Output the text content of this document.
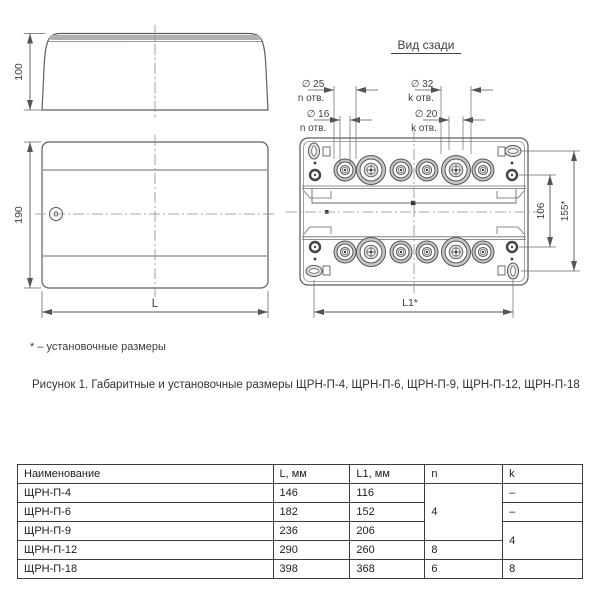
100
190
L
Вид сзади
∅ 25
n отв.
∅ 16
n отв.
∅ 32
k отв.
∅ 20
k отв.
106 155*
L1*
* – установочные размеры
Рисунок 1. Габаритные и установочные размеры ЩРН-П-4, ЩРН-П-6, ЩРН-П-9, ЩРН-П-12, ЩРН-П-18
Наименование	L, мм	L1, мм	n	k
ЩРН-П-4	146	116	4	–
ЩРН-П-6	182	152		–
ЩРН-П-9	236	206		4
ЩРН-П-12	290	260	8	
ЩРН-П-18	398	368	6	8
